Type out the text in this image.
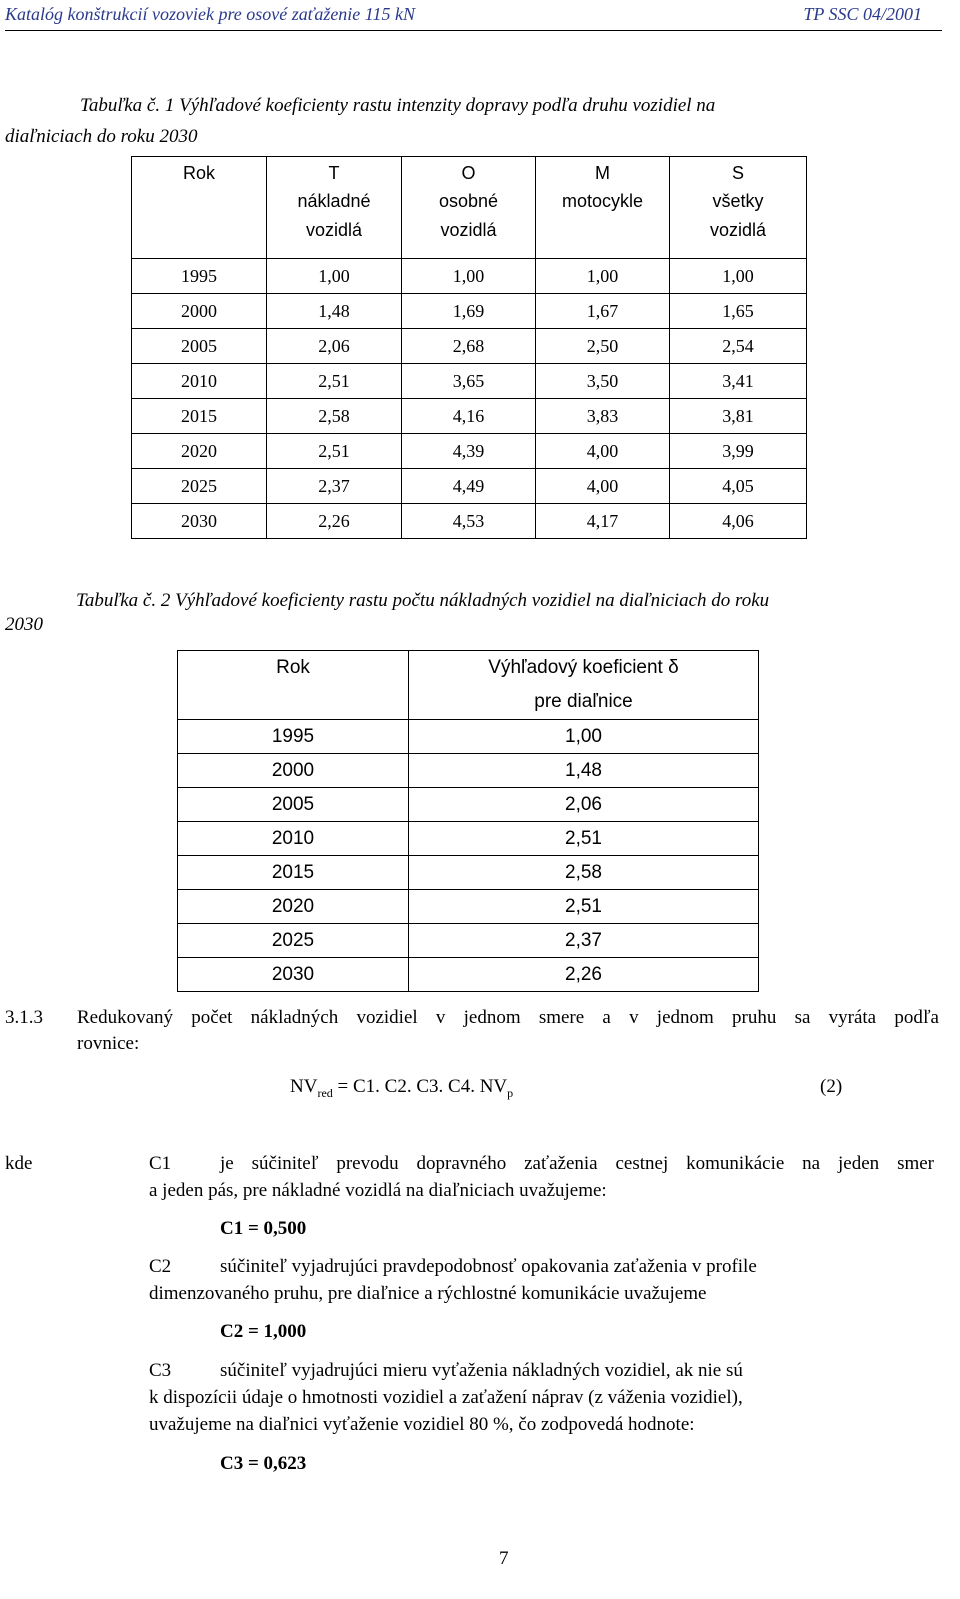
Katalóg konštrukcií vozoviek pre osové zaťaženie 115 kN	TP SSC 04/2001
Tabuľka č. 1 Výhľadové koeficienty rastu intenzity dopravy podľa druhu vozidiel na
diaľniciach do roku 2030
Rok	T
nákladné
vozidlá	O
osobné
vozidlá	M
motocykle	S
všetky
vozidlá

1995	1,00	1,00	1,00	1,00
2000	1,48	1,69	1,67	1,65
2005	2,06	2,68	2,50	2,54
2010	2,51	3,65	3,50	3,41
2015	2,58	4,16	3,83	3,81
2020	2,51	4,39	4,00	3,99
2025	2,37	4,49	4,00	4,05
2030	2,26	4,53	4,17	4,06
Tabuľka č. 2 Výhľadové koeficienty rastu počtu nákladných vozidiel na diaľniciach do roku
2030
Rok	Výhľadový koeficient δ
pre diaľnice

1995	1,00
2000	1,48
2005	2,06
2010	2,51
2015	2,58
2020	2,51
2025	2,37
2030	2,26
3.1.3 Redukovaný počet nákladných vozidiel v jednom smere a v jednom pruhu sa vyráta podľa
rovnice:
$NV_{red} = C1$. C2. C3. C4. $NV_p$	(2)
kde	C1	je súčiniteľ prevodu dopravného zaťaženia cestnej komunikácie na jeden smer
a jeden pás, pre nákladné vozidlá na diaľniciach uvažujeme:
C1 = 0,500
C2	súčiniteľ vyjadrujúci pravdepodobnosť opakovania zaťaženia v profile
dimenzovaného pruhu, pre diaľnice a rýchlostné komunikácie uvažujeme
C2 = 1,000
C3	súčiniteľ vyjadrujúci mieru vyťaženia nákladných vozidiel, ak nie sú
k dispozícii údaje o hmotnosti vozidiel a zaťažení náprav (z váženia vozidiel),
uvažujeme na diaľnici vyťaženie vozidiel 80 %, čo zodpovedá hodnote:
C3 = 0,623
7
